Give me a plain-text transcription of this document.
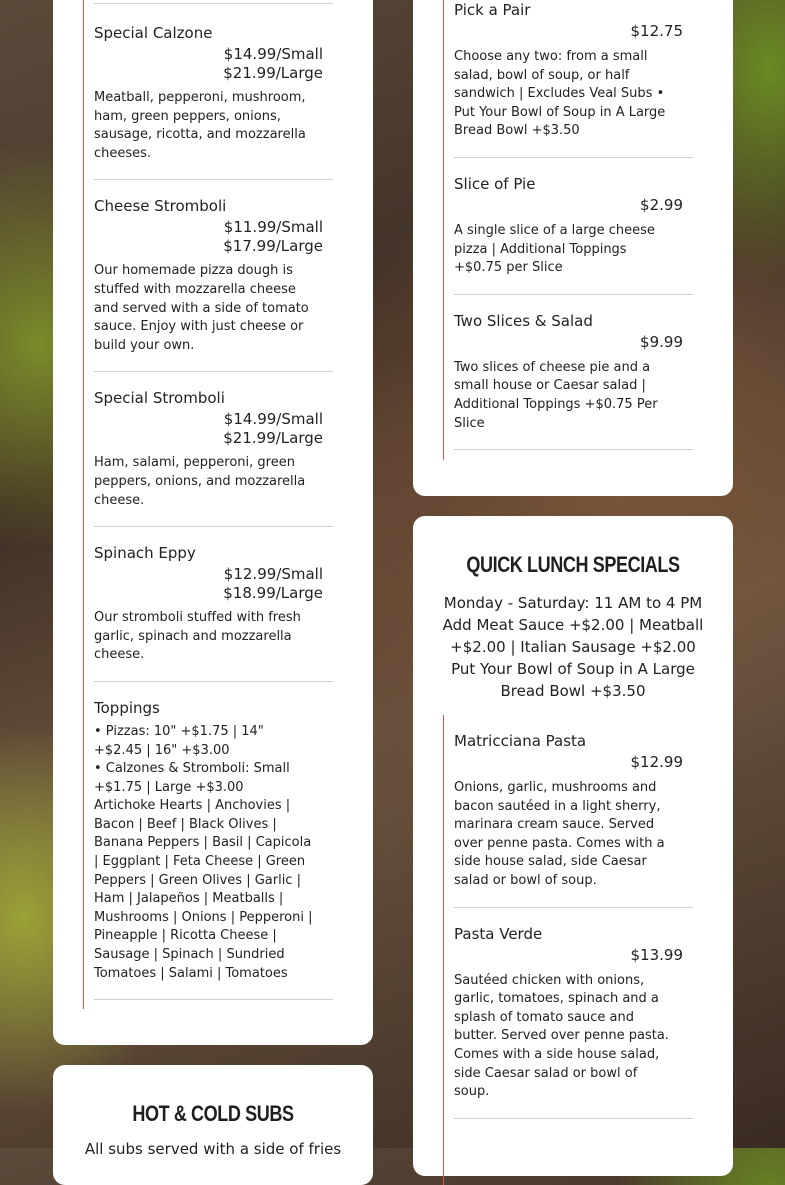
Special Calzone
$14.99/Small
$21.99/Large
Meatball, pepperoni, mushroom, ham, green peppers, onions, sausage, ricotta, and mozzarella cheeses.
Cheese Stromboli
$11.99/Small
$17.99/Large
Our homemade pizza dough is stuffed with mozzarella cheese and served with a side of tomato sauce. Enjoy with just cheese or build your own.
Special Stromboli
$14.99/Small
$21.99/Large
Ham, salami, pepperoni, green peppers, onions, and mozzarella cheese.
Spinach Eppy
$12.99/Small
$18.99/Large
Our stromboli stuffed with fresh garlic, spinach and mozzarella cheese.
Toppings
• Pizzas: 10" +$1.75 | 14" +$2.45 | 16" +$3.00
• Calzones & Stromboli: Small +$1.75 | Large +$3.00
Artichoke Hearts | Anchovies | Bacon | Beef | Black Olives | Banana Peppers | Basil | Capicola | Eggplant | Feta Cheese | Green Peppers | Green Olives | Garlic | Ham | Jalapeños | Meatballs | Mushrooms | Onions | Pepperoni | Pineapple | Ricotta Cheese | Sausage | Spinach | Sundried Tomatoes | Salami | Tomatoes
HOT & COLD SUBS
All subs served with a side of fries
Pick a Pair
$12.75
Choose any two: from a small salad, bowl of soup, or half sandwich | Excludes Veal Subs • Put Your Bowl of Soup in A Large Bread Bowl +$3.50
Slice of Pie
$2.99
A single slice of a large cheese pizza | Additional Toppings +$0.75 per Slice
Two Slices & Salad
$9.99
Two slices of cheese pie and a small house or Caesar salad | Additional Toppings +$0.75 Per Slice
QUICK LUNCH SPECIALS
Monday - Saturday: 11 AM to 4 PM
Add Meat Sauce +$2.00 | Meatball
+$2.00 | Italian Sausage +$2.00
Put Your Bowl of Soup in A Large
Bread Bowl +$3.50
Matricciana Pasta
$12.99
Onions, garlic, mushrooms and bacon sautéed in a light sherry, marinara cream sauce. Served over penne pasta. Comes with a side house salad, side Caesar salad or bowl of soup.
Pasta Verde
$13.99
Sautéed chicken with onions, garlic, tomatoes, spinach and a splash of tomato sauce and butter. Served over penne pasta. Comes with a side house salad, side Caesar salad or bowl of soup.
